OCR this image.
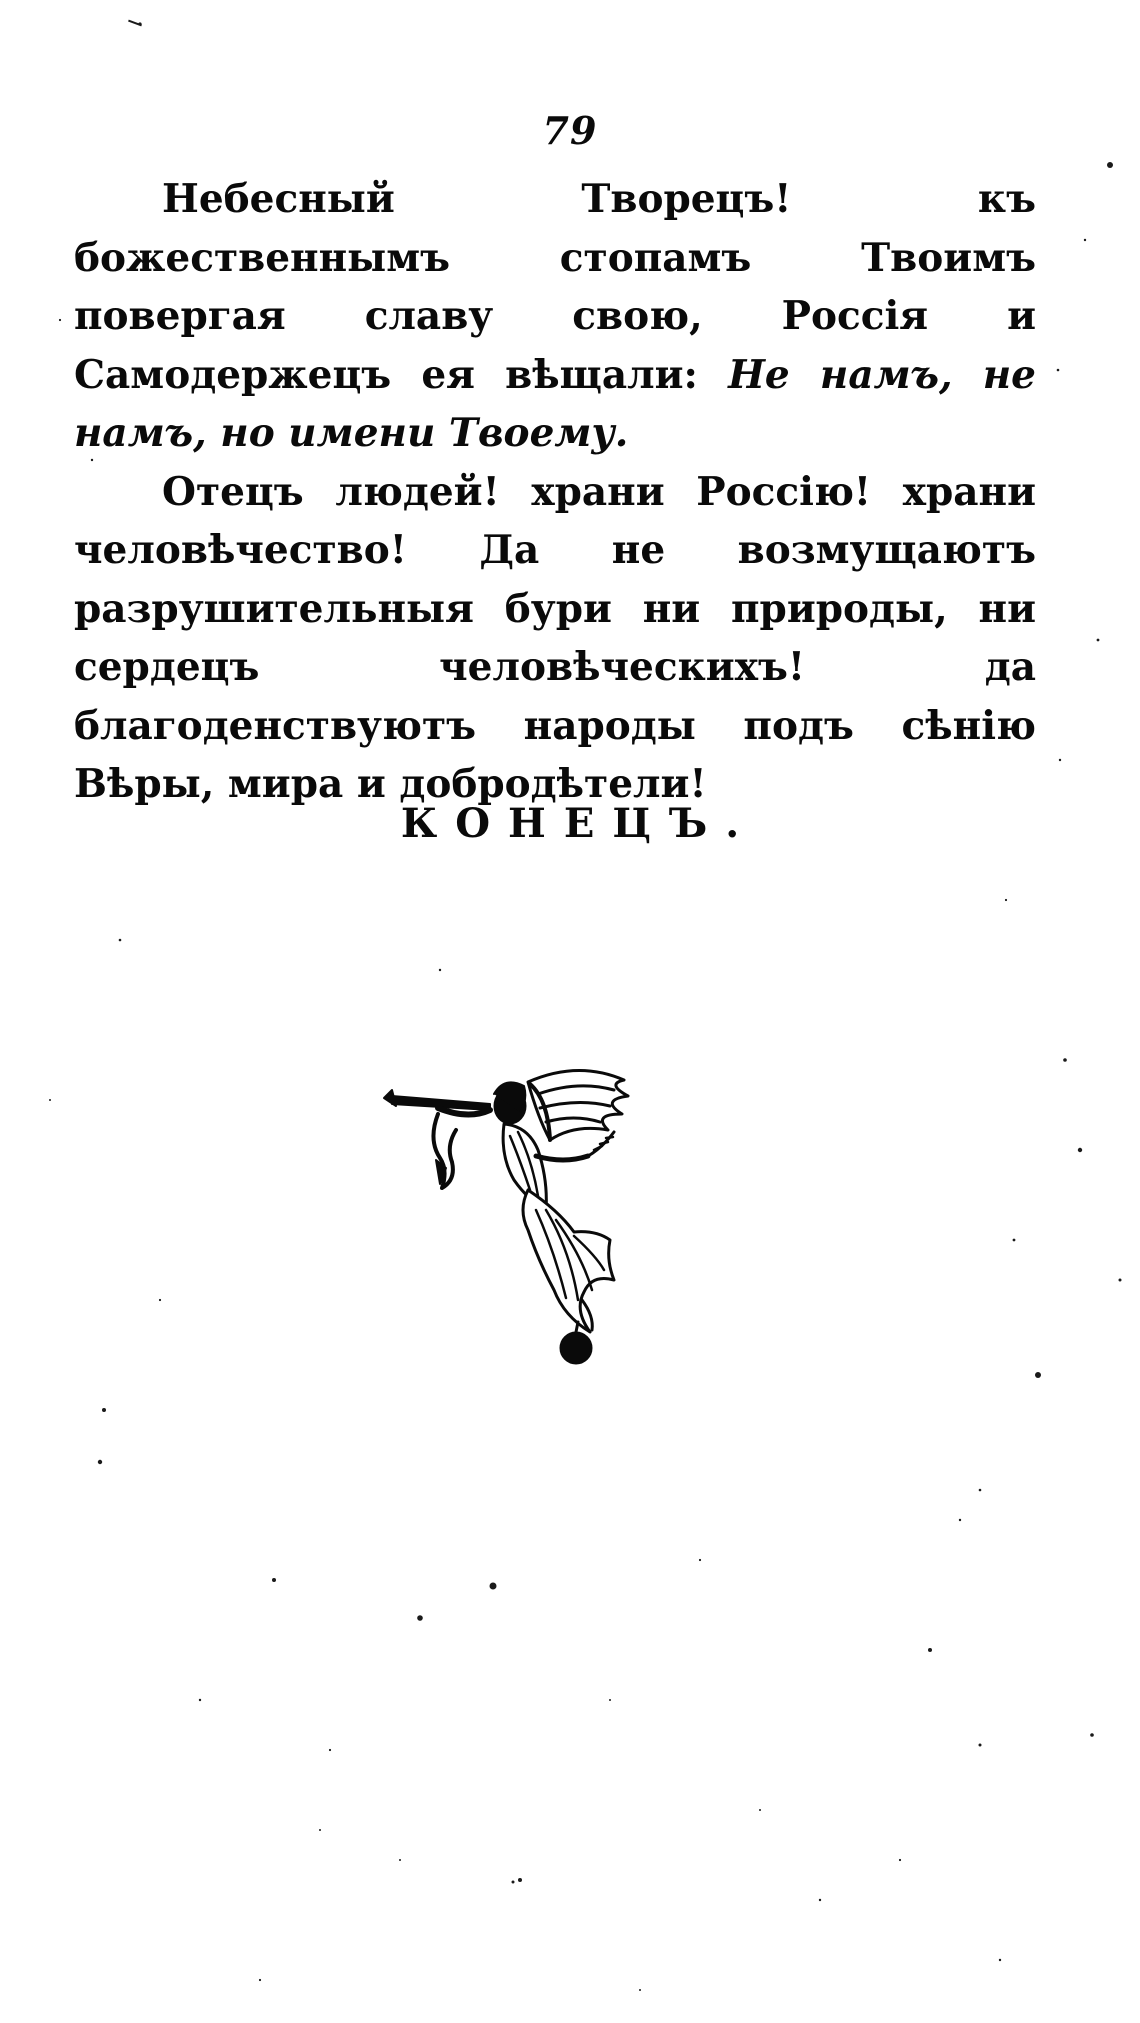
79

Небесный Творецъ! къ божественнымъ стопамъ Твоимъ повергая славу свою, Россія и Самодержецъ ея вѣщали: Не намъ, не намъ, но имени Твоему.

Отецъ людей! храни Россію! храни человѣчество! Да не возмущаютъ разрушительныя бури ни природы, ни сердецъ человѣческихъ! да благоденствуютъ народы подъ сѣнію Вѣры, мира и добродѣтели!

КОНЕЦЪ.
